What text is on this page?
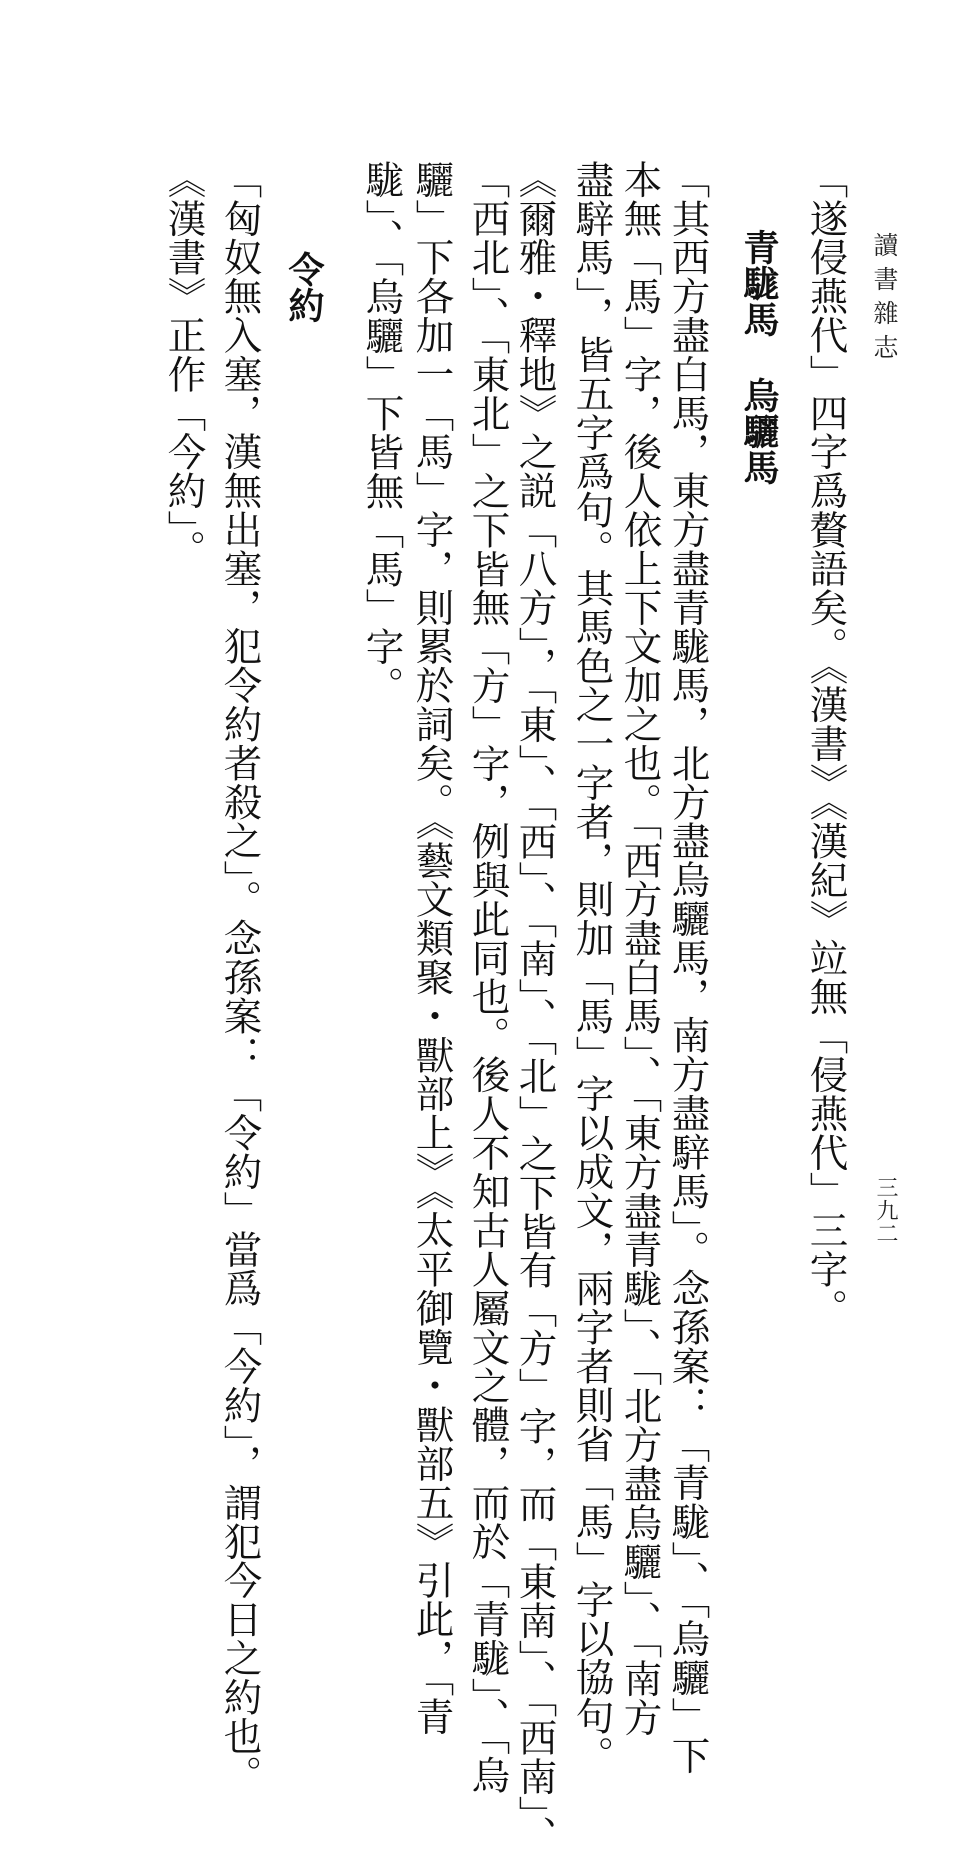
讀書雜志
三九二
「遂侵燕代」四字爲贅語矣。《漢書》《漢紀》竝無「侵燕代」三字。
青駹馬烏驪馬
「其西方盡白馬，東方盡青駹馬，北方盡烏驪馬，南方盡騂馬」。念孫案：「青駹」、「烏驪」下
本無「馬」字，後人依上下文加之也。「西方盡白馬」、「東方盡青駹」、「北方盡烏驪」、「南方
盡騂馬」，皆五字爲句。其馬色之一字者，則加「馬」字以成文，兩字者則省「馬」字以協句。
《爾雅・釋地》之説「八方」，「東」、「西」、「南」、「北」之下皆有「方」字，而「東南」、「西南」、
「西北」、「東北」之下皆無「方」字，例與此同也。後人不知古人屬文之體，而於「青駹」、「烏
驪」下各加一「馬」字，則累於詞矣。《藝文類聚・獸部上》《太平御覽・獸部五》引此，「青
駹」、「烏驪」下皆無「馬」字。
令約
「匈奴無入塞，漢無出塞，犯令約者殺之」。念孫案：「令約」當爲「今約」，謂犯今日之約也。
《漢書》正作「今約」。
